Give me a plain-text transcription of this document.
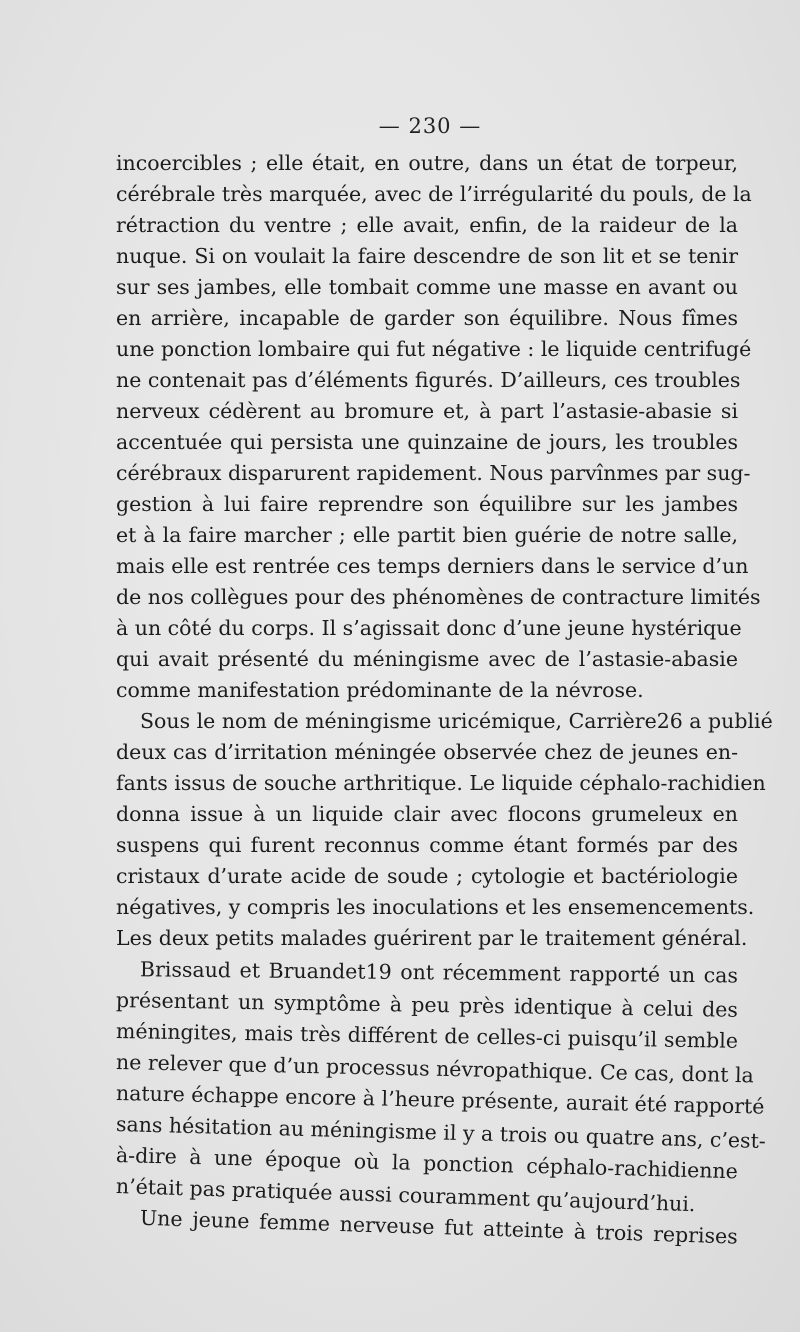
— 230 —
incoercibles ; elle était, en outre, dans un état de torpeur,
cérébrale très marquée, avec de l’irrégularité du pouls, de la
rétraction du ventre ; elle avait, enfin, de la raideur de la
nuque. Si on voulait la faire descendre de son lit et se tenir
sur ses jambes, elle tombait comme une masse en avant ou
en arrière, incapable de garder son équilibre. Nous fîmes
une ponction lombaire qui fut négative : le liquide centrifugé
ne contenait pas d’éléments figurés. D’ailleurs, ces troubles
nerveux cédèrent au bromure et, à part l’astasie-abasie si
accentuée qui persista une quinzaine de jours, les troubles
cérébraux disparurent rapidement. Nous parvînmes par sug-
gestion à lui faire reprendre son équilibre sur les jambes
et à la faire marcher ; elle partit bien guérie de notre salle,
mais elle est rentrée ces temps derniers dans le service d’un
de nos collègues pour des phénomènes de contracture limités
à un côté du corps. Il s’agissait donc d’une jeune hystérique
qui avait présenté du méningisme avec de l’astasie-abasie
comme manifestation prédominante de la névrose.
Sous le nom de méningisme uricémique, Carrière26 a publié
deux cas d’irritation méningée observée chez de jeunes en-
fants issus de souche arthritique. Le liquide céphalo-rachidien
donna issue à un liquide clair avec flocons grumeleux en
suspens qui furent reconnus comme étant formés par des
cristaux d’urate acide de soude ; cytologie et bactériologie
négatives, y compris les inoculations et les ensemencements.
Les deux petits malades guérirent par le traitement général.
Brissaud et Bruandet19 ont récemment rapporté un cas
présentant un symptôme à peu près identique à celui des
méningites, mais très différent de celles-ci puisqu’il semble
ne relever que d’un processus névropathique. Ce cas, dont la
nature échappe encore à l’heure présente, aurait été rapporté
sans hésitation au méningisme il y a trois ou quatre ans, c’est-
à-dire à une époque où la ponction céphalo-rachidienne
n’était pas pratiquée aussi couramment qu’aujourd’hui.
Une jeune femme nerveuse fut atteinte à trois reprises
